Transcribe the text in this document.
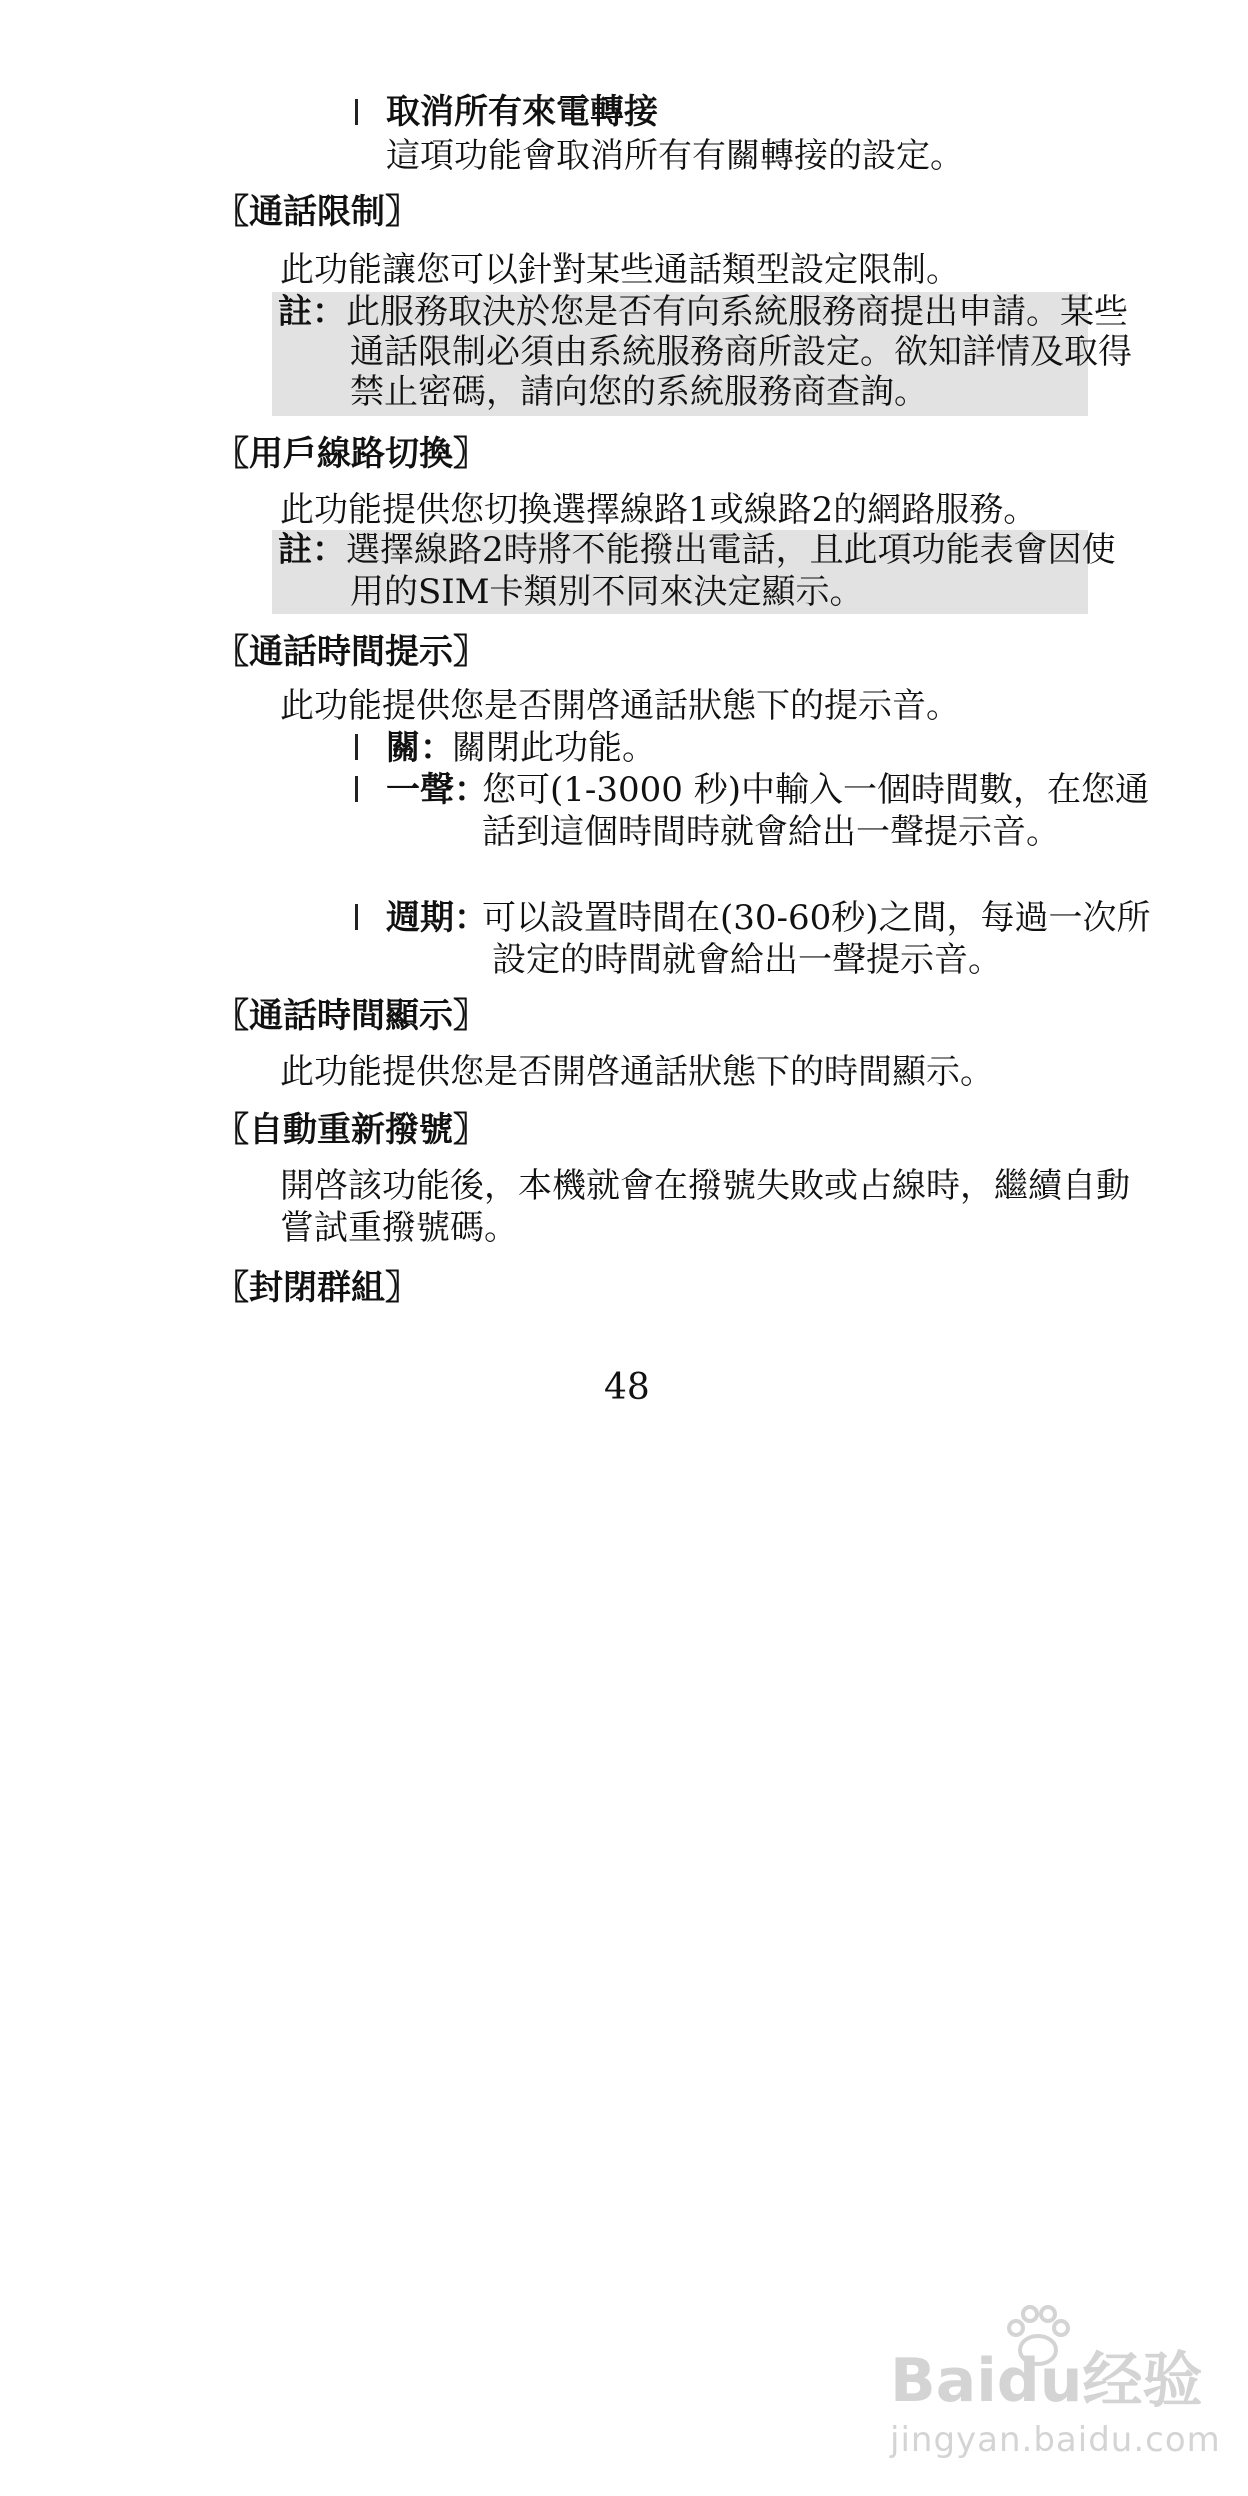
取消所有來電轉接
這項功能會取消所有有關轉接的設定。
〖通話限制〗
此功能讓您可以針對某些通話類型設定限制。
註： 此服務取決於您是否有向系統服務商提出申請。某些
通話限制必須由系統服務商所設定。欲知詳情及取得
禁止密碼，請向您的系統服務商查詢。
〖用戶線路切換〗
此功能提供您切換選擇線路1或線路2的網路服務。
註： 選擇線路2時將不能撥出電話，且此項功能表會因使
用的SIM卡類別不同來決定顯示。
〖通話時間提示〗
此功能提供您是否開啓通話狀態下的提示音。
關：
關閉此功能。
一聲：
您可(1-3000 秒)中輸入一個時間數，在您通
話到這個時間時就會給出一聲提示音。
週期：
可以設置時間在(30-60秒)之間，每過一次所
設定的時間就會給出一聲提示音。
〖通話時間顯示〗
此功能提供您是否開啓通話狀態下的時間顯示。
〖自動重新撥號〗
開啓該功能後，本機就會在撥號失敗或占線時，繼續自動
嘗試重撥號碼。
〖封閉群組〗
48
Baidu经验
jingyan.baidu.com
